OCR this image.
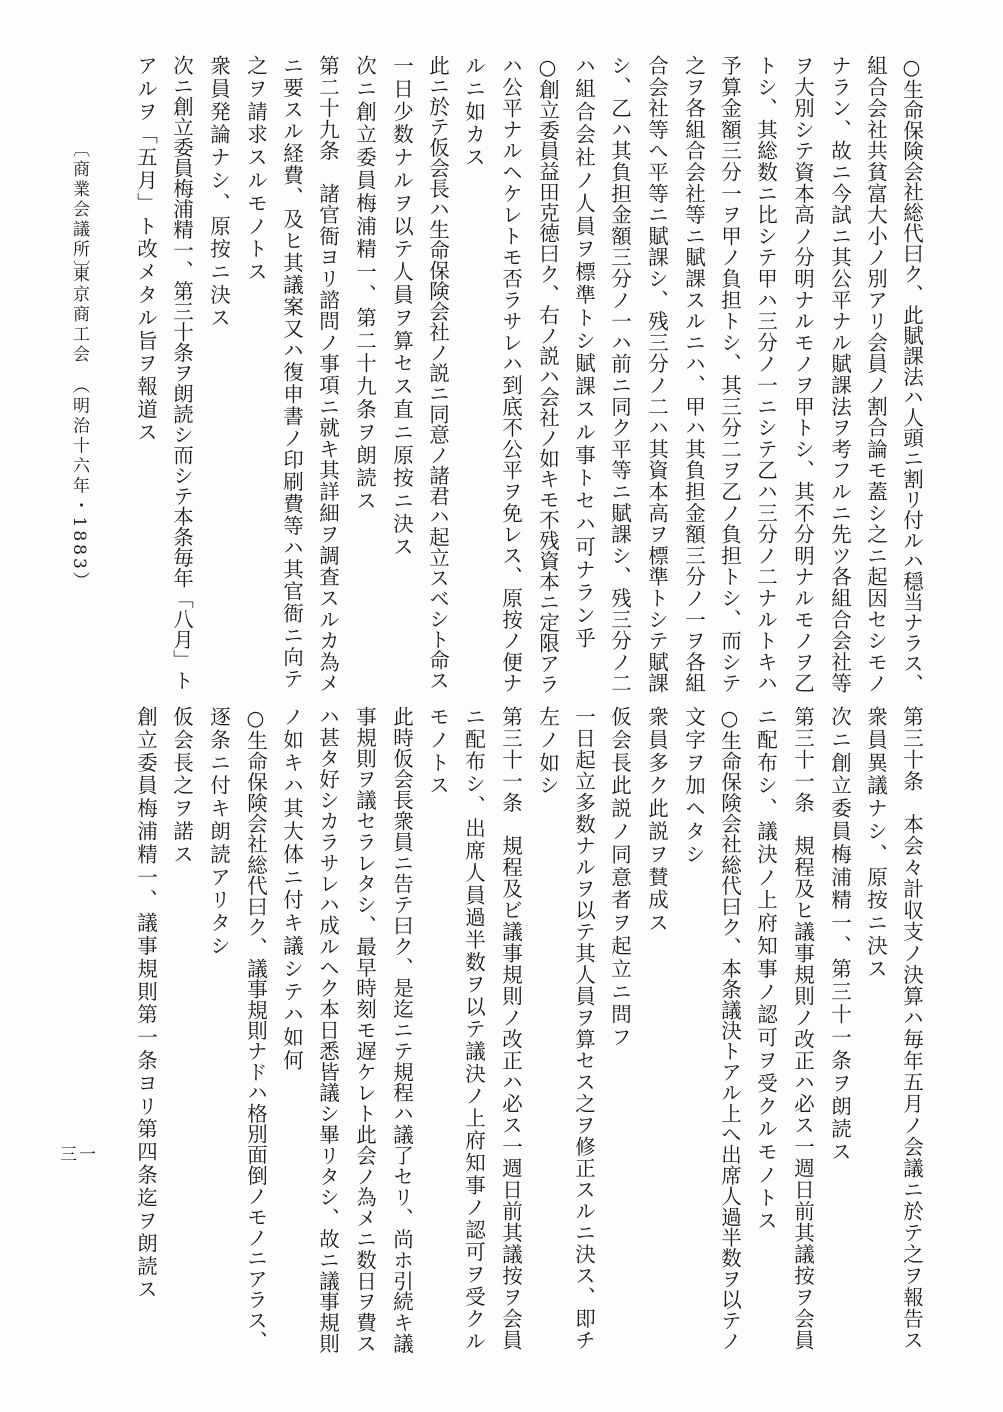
○生命保険会社総代曰ク、此賦課法ハ人頭ニ割リ付ルハ穏当ナラス、
組合会社共貧富大小ノ別アリ会員ノ割合論モ蓋シ之ニ起因セシモノ
ナラン、故ニ今試ニ其公平ナル賦課法ヲ考フルニ先ツ各組合会社等
ヲ大別シテ資本高ノ分明ナルモノヲ甲トシ、其不分明ナルモノヲ乙
トシ、其総数ニ比シテ甲ハ三分ノ一ニシテ乙ハ三分ノ二ナルトキハ
予算金額三分一ヲ甲ノ負担トシ、其三分二ヲ乙ノ負担トシ、而シテ
之ヲ各組合会社等ニ賦課スルニハ、甲ハ其負担金額三分ノ一ヲ各組
合会社等へ平等ニ賦課シ、残三分ノ二ハ其資本高ヲ標準トシテ賦課
シ、乙ハ其負担金額三分ノ一ハ前ニ同ク平等ニ賦課シ、残三分ノ二
ハ組合会社ノ人員ヲ標準トシ賦課スル事トセハ可ナラン乎
○創立委員益田克徳曰ク、右ノ説ハ会社ノ如キモ不残資本ニ定限アラ
ハ公平ナルヘケレトモ否ラサレハ到底不公平ヲ免レス、原按ノ便ナ
ルニ如カス
此ニ於テ仮会長ハ生命保険会社ノ説ニ同意ノ諸君ハ起立スベシト命ス
一日少数ナルヲ以テ人員ヲ算セス直ニ原按ニ決ス
次ニ創立委員梅浦精一、第二十九条ヲ朗読ス
第二十九条　諸官衙ヨリ諮問ノ事項ニ就キ其詳細ヲ調査スルカ為メ
ニ要スル経費、及ヒ其議案又ハ復申書ノ印刷費等ハ其官衙ニ向テ
之ヲ請求スルモノトス
衆員発論ナシ、原按ニ決ス
次ニ創立委員梅浦精一、第三十条ヲ朗読シ而シテ本条毎年「八月」ト
アルヲ「五月」ト改メタル旨ヲ報道ス
第三十条　本会々計収支ノ決算ハ毎年五月ノ会議ニ於テ之ヲ報告ス
衆員異議ナシ、原按ニ決ス
次ニ創立委員梅浦精一、第三十一条ヲ朗読ス
第三十一条　規程及ヒ議事規則ノ改正ハ必ス一週日前其議按ヲ会員
ニ配布シ、議決ノ上府知事ノ認可ヲ受クルモノトス
○生命保険会社総代曰ク、本条議決トアル上へ出席人過半数ヲ以テノ
文字ヲ加ヘタシ
衆員多ク此説ヲ賛成ス
仮会長此説ノ同意者ヲ起立ニ問フ
一日起立多数ナルヲ以テ其人員ヲ算セス之ヲ修正スルニ決ス、即チ
左ノ如シ
第三十一条　規程及ビ議事規則ノ改正ハ必ス一週日前其議按ヲ会員
ニ配布シ、出席人員過半数ヲ以テ議決ノ上府知事ノ認可ヲ受クル
モノトス
此時仮会長衆員ニ告テ曰ク、是迄ニテ規程ハ議了セリ、尚ホ引続キ議
事規則ヲ議セラレタシ、最早時刻モ遅ケレト此会ノ為メニ数日ヲ費ス
ハ甚タ好シカラサレハ成ルヘク本日悉皆議シ畢リタシ、故ニ議事規則
ノ如キハ其大体ニ付キ議シテハ如何
○生命保険会社総代曰ク、議事規則ナドハ格別面倒ノモノニアラス、
逐条ニ付キ朗読アリタシ
仮会長之ヲ諾ス
創立委員梅浦精一、議事規則第一条ヨリ第四条迄ヲ朗読ス
〔商業会議所〕
東京商工会　（明治十六年・1883）
三一
